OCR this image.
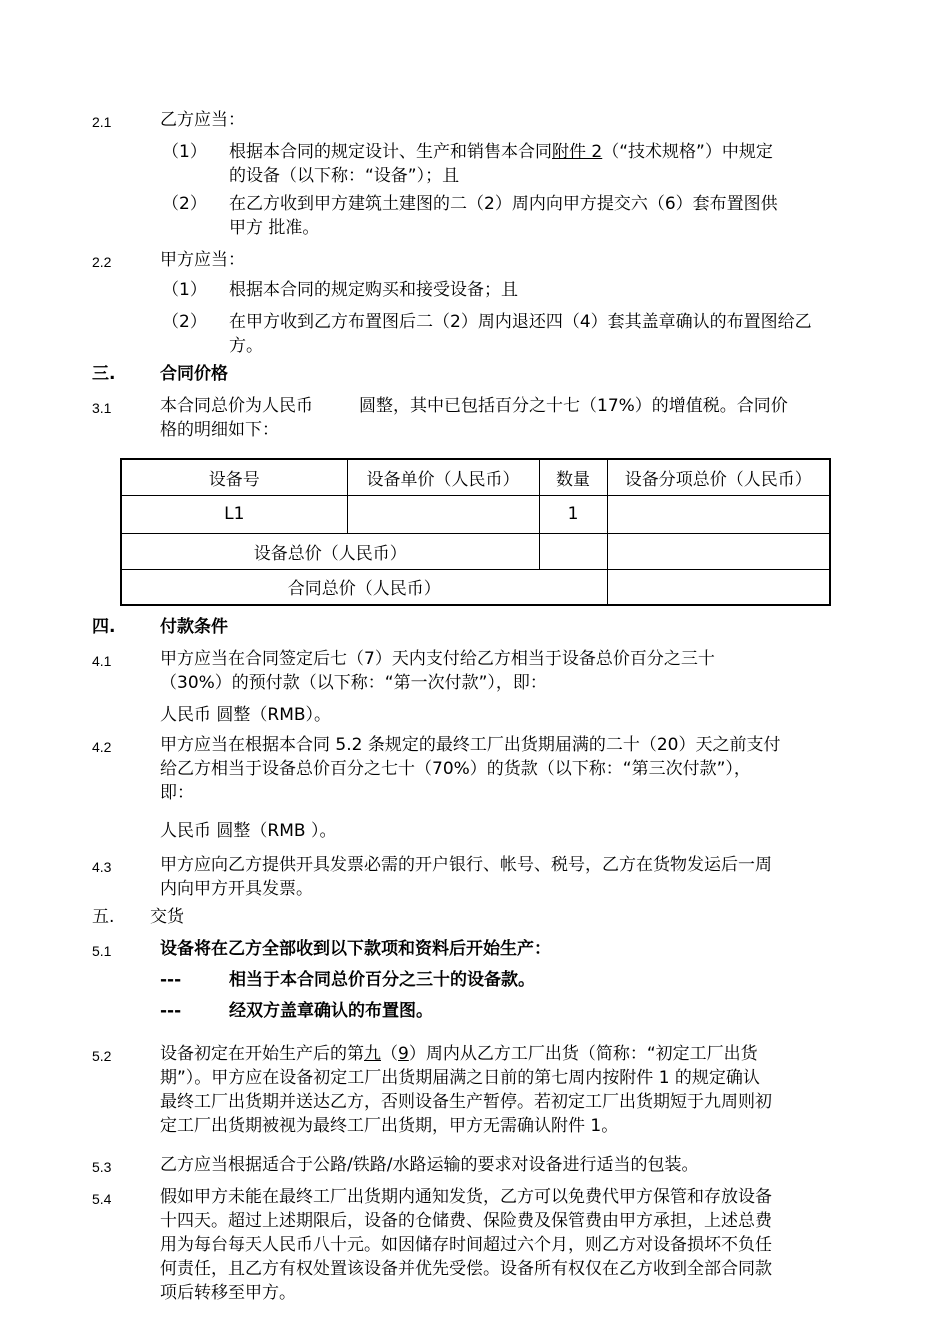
2.1	乙方应当：
（1） 根据本合同的规定设计、生产和销售本合同附件 2（“技术规格”）中规定
的设备（以下称：“设备”）；且
（2） 在乙方收到甲方建筑土建图的二（2）周内向甲方提交六（6）套布置图供
甲方 批准。
2.2	甲方应当：
（1） 根据本合同的规定购买和接受设备；且
（2） 在甲方收到乙方布置图后二（2）周内退还四（4）套其盖章确认的布置图给乙
方。
三.	合同价格
3.1	本合同总价为人民币	圆整，其中已包括百分之十七（17%）的增值税。合同价
格的明细如下：
设备号	设备单价（人民币）	数量	设备分项总价（人民币）
L1		1	
设备总价（人民币）			
合同总价（人民币）			
四.	付款条件
4.1	甲方应当在合同签定后七（7）天内支付给乙方相当于设备总价百分之三十
（30%）的预付款（以下称：“第一次付款”），即：
人民币 圆整（RMB）。
4.2	甲方应当在根据本合同 5.2 条规定的最终工厂出货期届满的二十（20）天之前支付
给乙方相当于设备总价百分之七十（70%）的货款（以下称：“第三次付款”），
即：
人民币 圆整（RMB ）。
4.3	甲方应向乙方提供开具发票必需的开户银行、帐号、税号，乙方在货物发运后一周
内向甲方开具发票。
五. 交货
5.1	设备将在乙方全部收到以下款项和资料后开始生产：
---	相当于本合同总价百分之三十的设备款。
---	经双方盖章确认的布置图。
5.2	设备初定在开始生产后的第九（9）周内从乙方工厂出货（简称：“初定工厂出货
期”）。甲方应在设备初定工厂出货期届满之日前的第七周内按附件 1 的规定确认
最终工厂出货期并送达乙方，否则设备生产暂停。若初定工厂出货期短于九周则初
定工厂出货期被视为最终工厂出货期，甲方无需确认附件 1。
5.3	乙方应当根据适合于公路/铁路/水路运输的要求对设备进行适当的包装。
5.4	假如甲方未能在最终工厂出货期内通知发货，乙方可以免费代甲方保管和存放设备
十四天。超过上述期限后，设备的仓储费、保险费及保管费由甲方承担，上述总费
用为每台每天人民币八十元。如因储存时间超过六个月，则乙方对设备损坏不负任
何责任，且乙方有权处置该设备并优先受偿。设备所有权仅在乙方收到全部合同款
项后转移至甲方。
